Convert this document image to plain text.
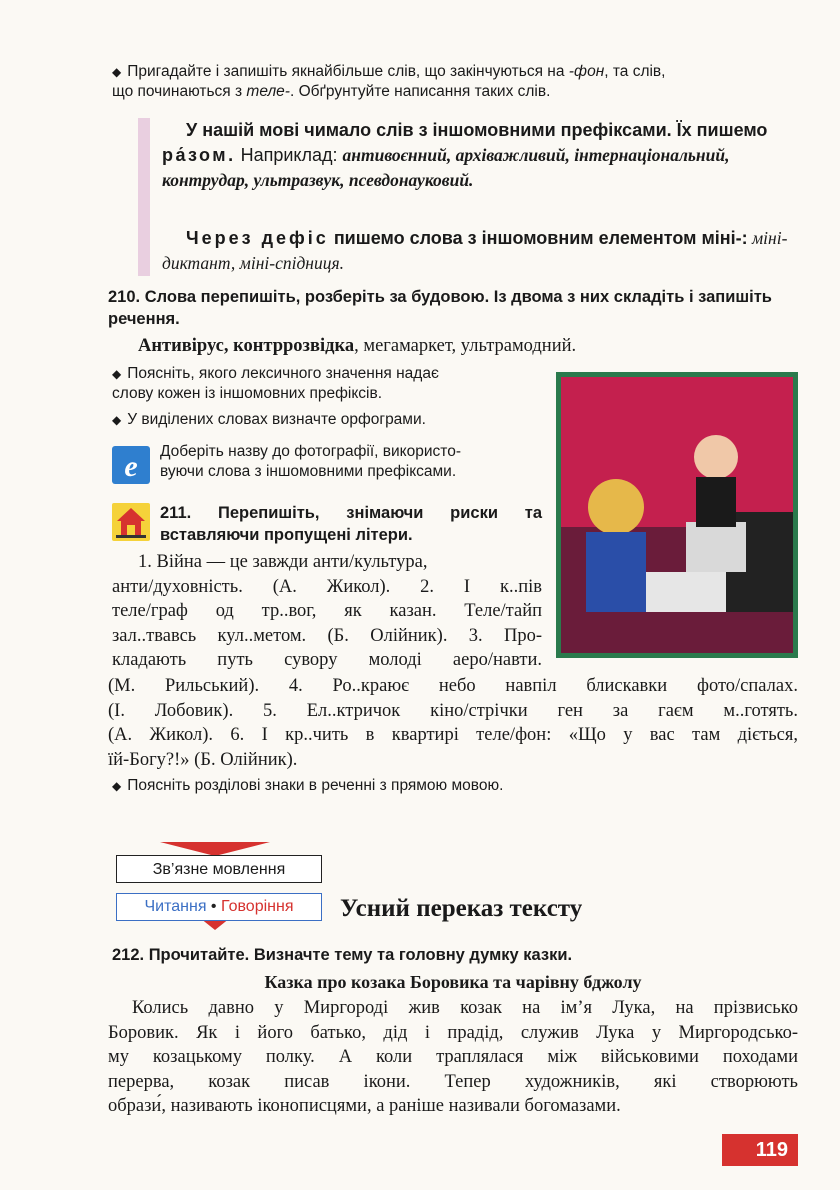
◆ Пригадайте і запишіть якнайбільше слів, що закінчуються на -фон, та слів,
що починаються з теле-. Обґрунтуйте написання таких слів.
У нашій мові чимало слів з іншомовними префіксами. Їх пишемо ра́зом. Наприклад: антивоєнний, архіважливий, інтернаціональний, контрудар, ультразвук, псевдонауковий.
Через дефіс пишемо слова з іншомовним елементом міні-: міні-диктант, міні-спідниця.
210. Слова перепишіть, розберіть за будовою. Із двома з них складіть і запишіть речення.
Антивірус, контррозвідка, мегамаркет, ультрамодний.
◆ Поясніть, якого лексичного значення надає
слову кожен із іншомовних префіксів.
◆ У виділених словах визначте орфограми.
e Доберіть назву до фотографії, використо-
вуючи слова з іншомовними префіксами.
211. Перепишіть, знімаючи риски та
вставляючи пропущені літери.
1. Війна — це завжди анти/культура,
анти/духовність. (А. Жикол). 2. І к..пів
теле/граф од тр..вог, як казан. Теле/тайп
зал..твавсь кул..метом. (Б. Олійник). 3. Про-
кладають путь сувору молоді аеро/навти.
(М. Рильський). 4. Ро..краює небо навпіл блискавки фото/спалах.
(І. Лобовик). 5. Ел..ктричок кіно/стрічки ген за гаєм м..готять.
(А. Жикол). 6. І кр..чить в квартирі теле/фон: «Що у вас там діється,
їй-Богу?!» (Б. Олійник).
◆ Поясніть розділові знаки в реченні з прямою мовою.
Зв’язне мовлення
Читання • Говоріння	Усний переказ тексту
212. Прочитайте. Визначте тему та головну думку казки.
Казка про козака Боровика та чарівну бджолу
Колись давно у Миргороді жив козак на ім’я Лука, на прізвисько
Боровик. Як і його батько, дід і прадід, служив Лука у Миргородсько-
му козацькому полку. А коли траплялася між військовими походами
перерва, козак писав ікони. Тепер художників, які створюють
образи́, називають іконописцями, а раніше називали богомазами.
119
